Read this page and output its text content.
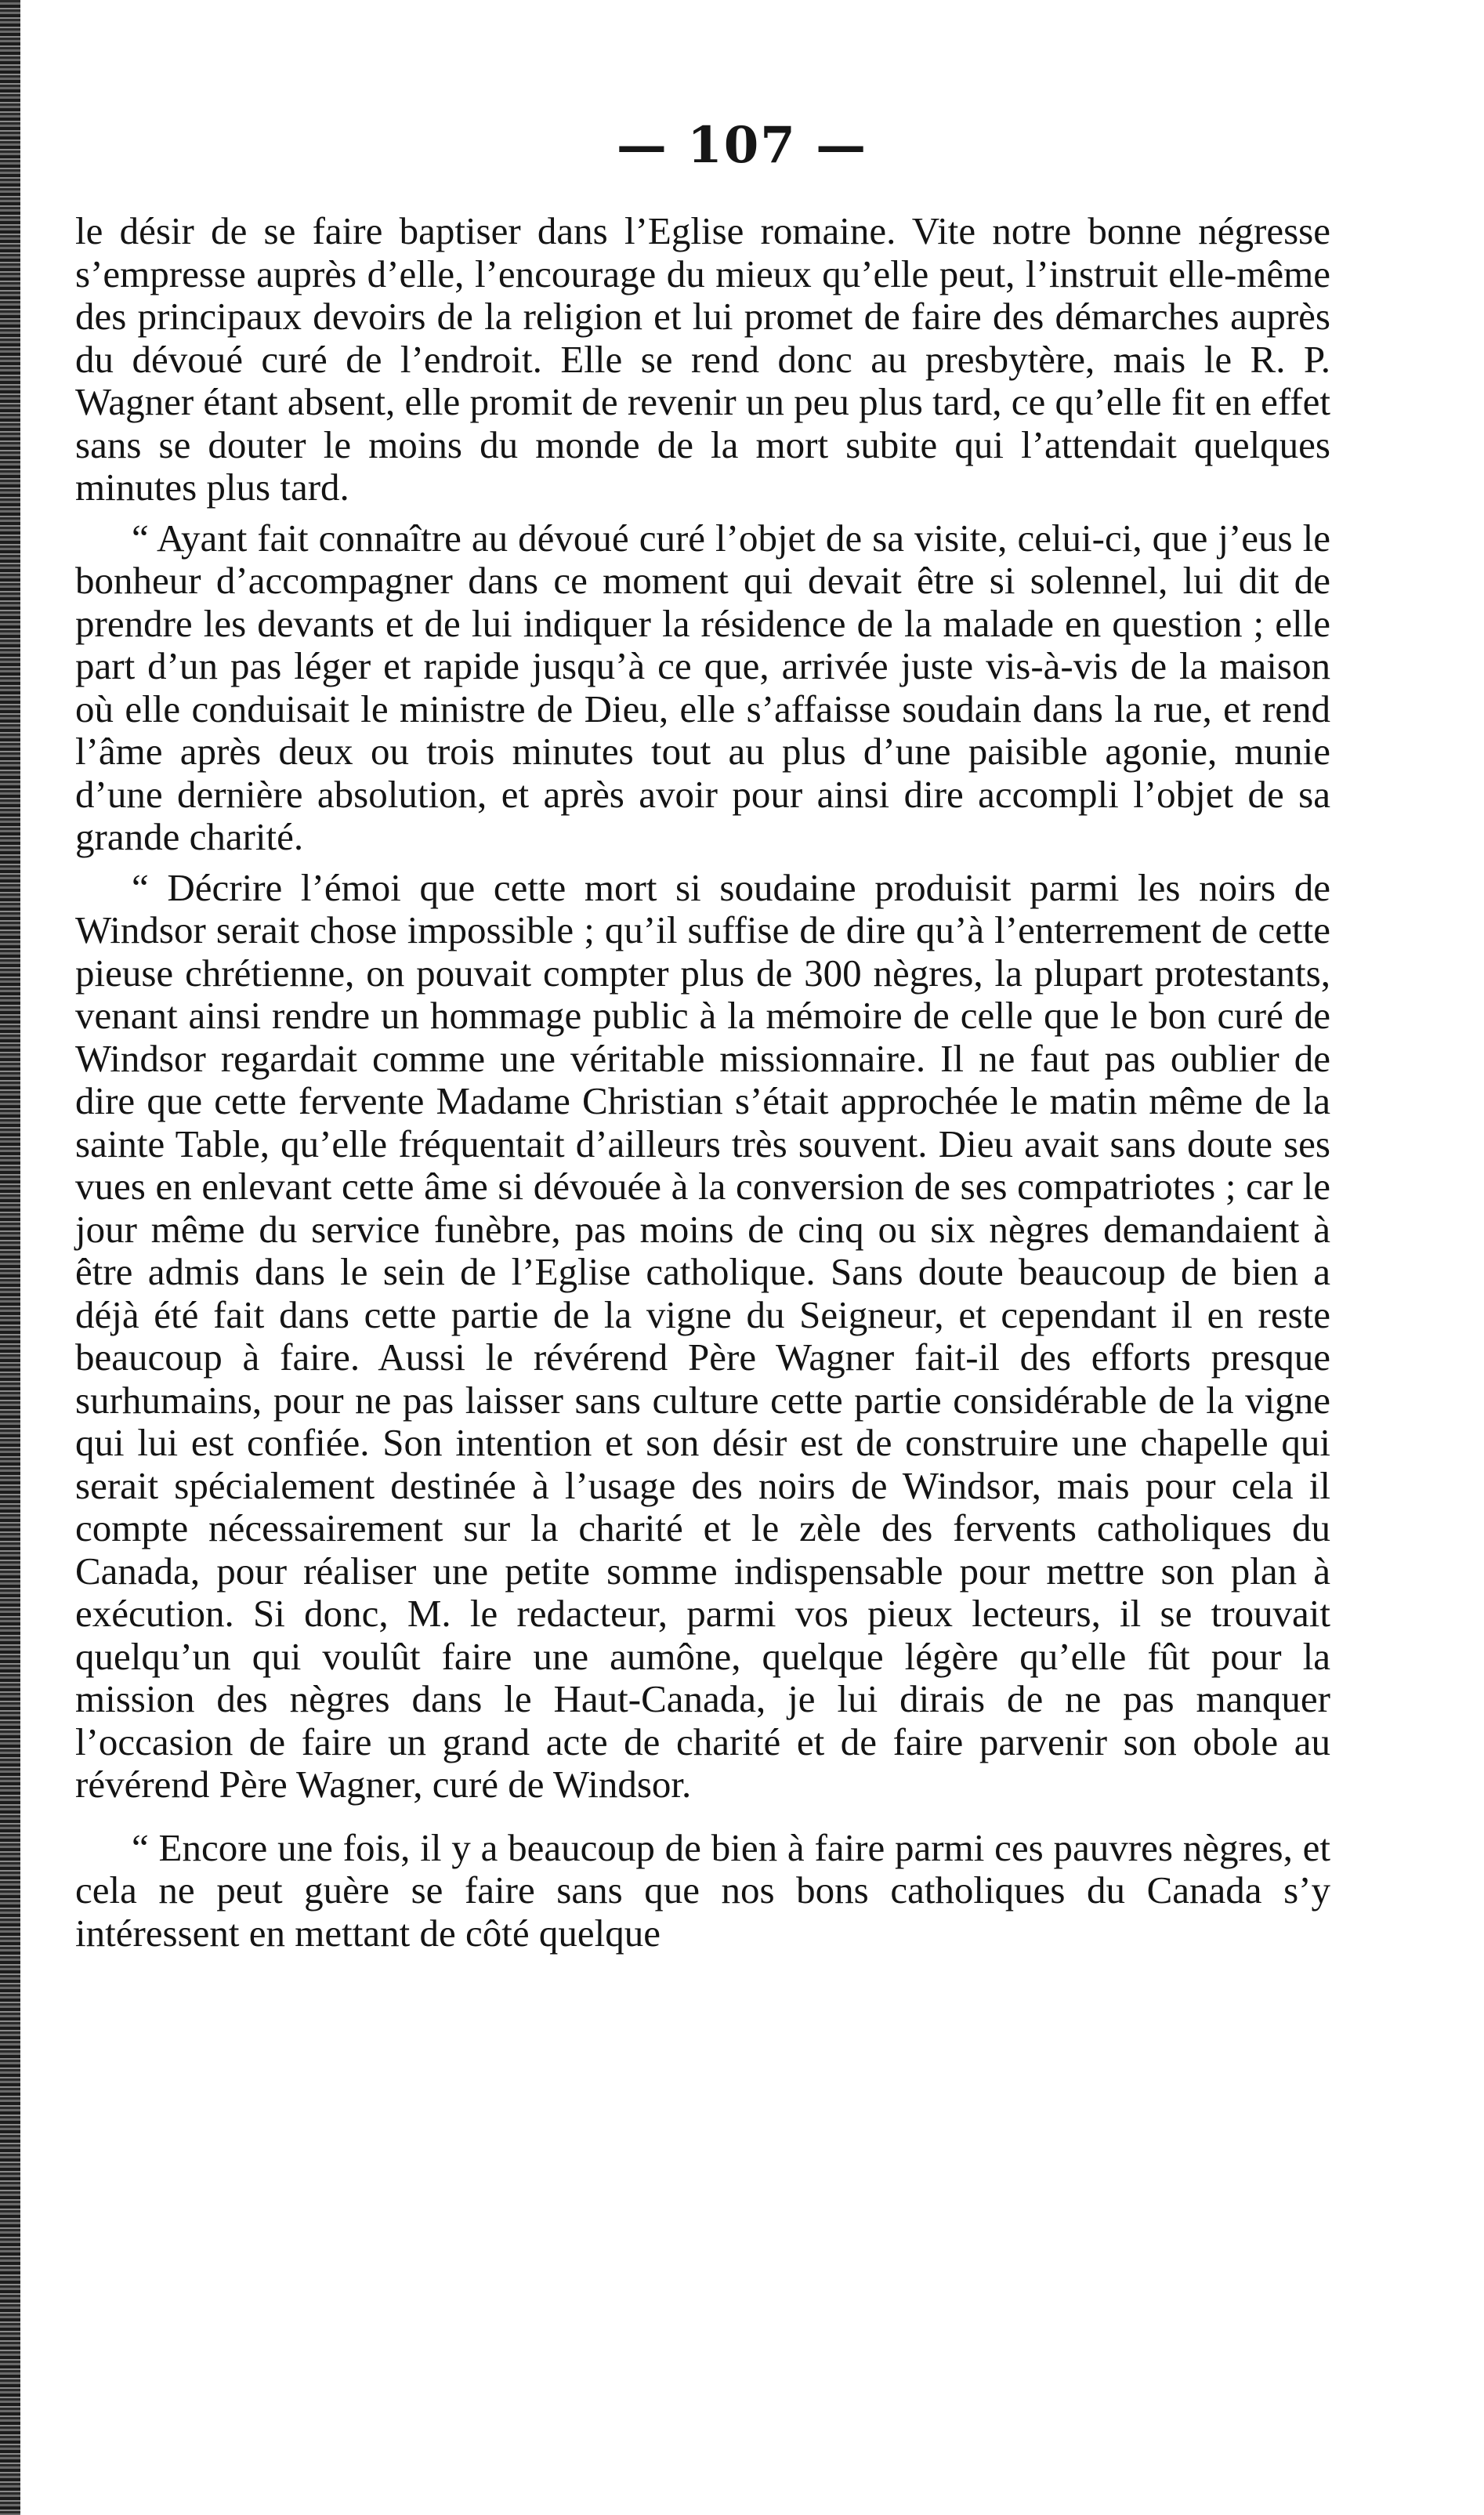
— 107 —

le désir de se faire baptiser dans l’Eglise romaine. Vite notre bonne négresse s’empresse auprès d’elle, l’encourage du mieux qu’elle peut, l’instruit elle-même des principaux devoirs de la religion et lui promet de faire des démarches auprès du dévoué curé de l’endroit. Elle se rend donc au presbytère, mais le R. P. Wagner étant absent, elle promit de revenir un peu plus tard, ce qu’elle fit en effet sans se douter le moins du monde de la mort subite qui l’attendait quelques minutes plus tard.

“ Ayant fait connaître au dévoué curé l’objet de sa visite, celui-ci, que j’eus le bonheur d’accompagner dans ce moment qui devait être si solennel, lui dit de prendre les devants et de lui indiquer la résidence de la malade en question ; elle part d’un pas léger et rapide jusqu’à ce que, arrivée juste vis-à-vis de la maison où elle conduisait le ministre de Dieu, elle s’affaisse soudain dans la rue, et rend l’âme après deux ou trois minutes tout au plus d’une paisible agonie, munie d’une dernière absolution, et après avoir pour ainsi dire accompli l’objet de sa grande charité.

“ Décrire l’émoi que cette mort si soudaine produisit parmi les noirs de Windsor serait chose impossible ; qu’il suffise de dire qu’à l’enterrement de cette pieuse chrétienne, on pouvait compter plus de 300 nègres, la plupart protestants, venant ainsi rendre un hommage public à la mémoire de celle que le bon curé de Windsor regardait comme une véritable missionnaire. Il ne faut pas oublier de dire que cette fervente Madame Christian s’était approchée le matin même de la sainte Table, qu’elle fréquentait d’ailleurs très souvent. Dieu avait sans doute ses vues en enlevant cette âme si dévouée à la conversion de ses compatriotes ; car le jour même du service funèbre, pas moins de cinq ou six nègres demandaient à être admis dans le sein de l’Eglise catholique. Sans doute beaucoup de bien a déjà été fait dans cette partie de la vigne du Seigneur, et cependant il en reste beaucoup à faire. Aussi le révérend Père Wagner fait-il des efforts presque surhumains, pour ne pas laisser sans culture cette partie considérable de la vigne qui lui est confiée. Son intention et son désir est de construire une chapelle qui serait spécialement destinée à l’usage des noirs de Windsor, mais pour cela il compte nécessairement sur la charité et le zèle des fervents catholiques du Canada, pour réaliser une petite somme indispensable pour mettre son plan à exécution. Si donc, M. le redacteur, parmi vos pieux lecteurs, il se trouvait quelqu’un qui voulût faire une aumône, quelque légère qu’elle fût pour la mission des nègres dans le Haut-Canada, je lui dirais de ne pas manquer l’occasion de faire un grand acte de charité et de faire parvenir son obole au révérend Père Wagner, curé de Windsor.

“ Encore une fois, il y a beaucoup de bien à faire parmi ces pauvres nègres, et cela ne peut guère se faire sans que nos bons catholiques du Canada s’y intéressent en mettant de côté quelque
